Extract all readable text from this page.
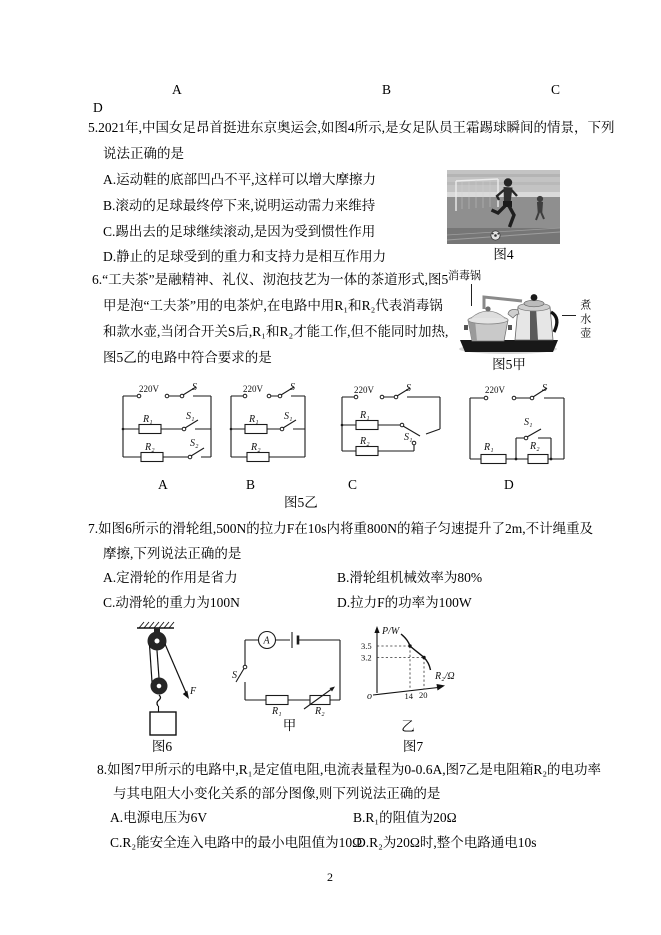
A	B	C
D
5.2021年,中国女足昂首挺进东京奥运会,如图4所示,是女足队员王霜踢球瞬间的情景，下列
说法正确的是
A.运动鞋的底部凹凸不平,这样可以增大摩擦力
B.滚动的足球最终停下来,说明运动需力来维持
C.踢出去的足球继续滚动,是因为受到惯性作用
D.静止的足球受到的重力和支持力是相互作用力	图4
6.“工夫茶”是融精神、礼仪、沏泡技艺为一体的茶道形式,图5
甲是泡“工夫茶”用的电茶炉,在电路中用R₁和R₂代表消毒锅
和款水壶,当闭合开关S后,R₁和R₂才能工作,但不能同时加热,
图5乙的电路中符合要求的是
消毒锅
煮水壶
图5甲
220V	S
R₁	S₁
R₂	S₂
220V	S
R₁	S₁
R₂
220V	S
R₁
S₁
R₂
220V	S
R₁	R₂
S₁
A	B	C	D
图5乙
7.如图6所示的滑轮组,500N的拉力F在10s内将重800N的箱子匀速提升了2m,不计绳重及
摩擦,下列说法正确的是
A.定滑轮的作用是省力	B.滑轮组机械效率为80%
C.动滑轮的重力为100N	D.拉力F的功率为100W
F
图6
A
S
R₁	R₂
甲
P/W
R₂/Ω
o
3.5
3.2
14 20
乙
图7
8.如图7甲所示的电路中,R₁是定值电阻,电流表量程为0-0.6A,图7乙是电阻箱R₂的电功率
与其电阻大小变化关系的部分图像,则下列说法正确的是
A.电源电压为6V	B.R₁的阻值为20Ω
C.R₂能安全连入电路中的最小电阻值为10Ω
D.R₂为20Ω时,整个电路通电10s
2
